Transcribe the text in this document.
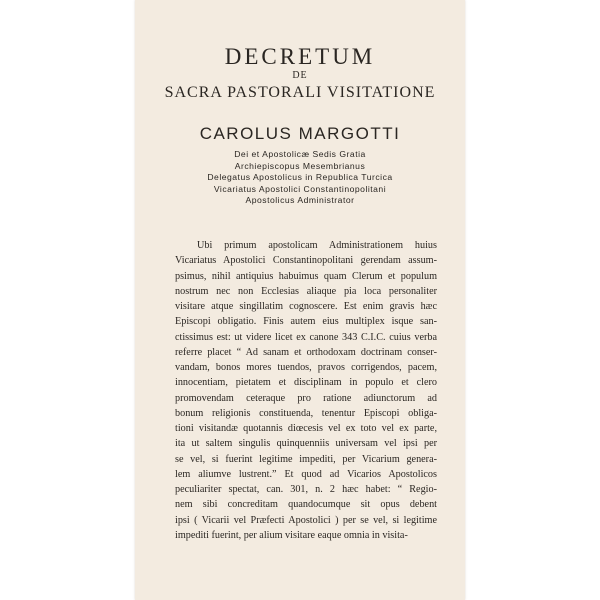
DECRETUM
DE
SACRA PASTORALI VISITATIONE
CAROLUS MARGOTTI
Dei et Apostolicæ Sedis Gratia
Archiepiscopus Mesembrianus
Delegatus Apostolicus in Republica Turcica
Vicariatus Apostolici Constantinopolitani
Apostolicus Administrator
Ubi primum apostolicam Administrationem huius
Vicariatus Apostolici Constantinopolitani gerendam assum-
psimus, nihil antiquius habuimus quam Clerum et populum
nostrum nec non Ecclesias aliaque pia loca personaliter
visitare atque singillatim cognoscere. Est enim gravis hæc
Episcopi obligatio. Finis autem eius multiplex isque san-
ctissimus est: ut videre licet ex canone 343 C.I.C. cuius verba
referre placet “ Ad sanam et orthodoxam doctrinam conser-
vandam, bonos mores tuendos, pravos corrigendos, pacem,
innocentiam, pietatem et disciplinam in populo et clero
promovendam ceteraque pro ratione adiunctorum ad
bonum religionis constituenda, tenentur Episcopi obliga-
tioni visitandæ quotannis diœcesis vel ex toto vel ex parte,
ita ut saltem singulis quinquenniis universam vel ipsi per
se vel, si fuerint legitime impediti, per Vicarium genera-
lem aliumve lustrent.” Et quod ad Vicarios Apostolicos
peculiariter spectat, can. 301, n. 2 hæc habet: “ Regio-
nem sibi concreditam quandocumque sit opus debent
ipsi ( Vicarii vel Præfecti Apostolici ) per se vel, si legitime
impediti fuerint, per alium visitare eaque omnia in visita-
